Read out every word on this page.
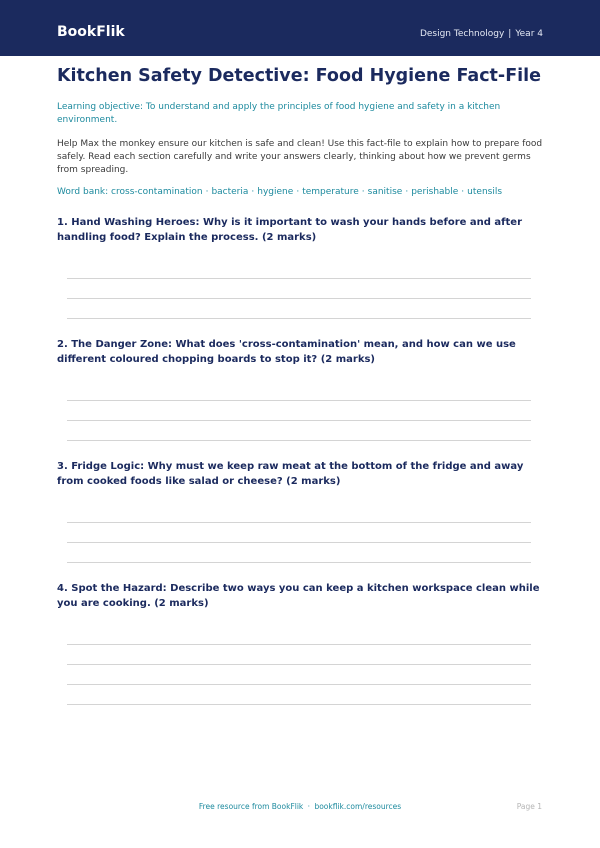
BookFlik	Design Technology | Year 4
Kitchen Safety Detective: Food Hygiene Fact-File
Learning objective: To understand and apply the principles of food hygiene and safety in a kitchen environment.
Help Max the monkey ensure our kitchen is safe and clean! Use this fact-file to explain how to prepare food safely. Read each section carefully and write your answers clearly, thinking about how we prevent germs from spreading.
Word bank: cross-contamination · bacteria · hygiene · temperature · sanitise · perishable · utensils
1. Hand Washing Heroes: Why is it important to wash your hands before and after handling food? Explain the process. (2 marks)
2. The Danger Zone: What does 'cross-contamination' mean, and how can we use different coloured chopping boards to stop it? (2 marks)
3. Fridge Logic: Why must we keep raw meat at the bottom of the fridge and away from cooked foods like salad or cheese? (2 marks)
4. Spot the Hazard: Describe two ways you can keep a kitchen workspace clean while you are cooking. (2 marks)
Free resource from BookFlik · bookflik.com/resources	Page 1
